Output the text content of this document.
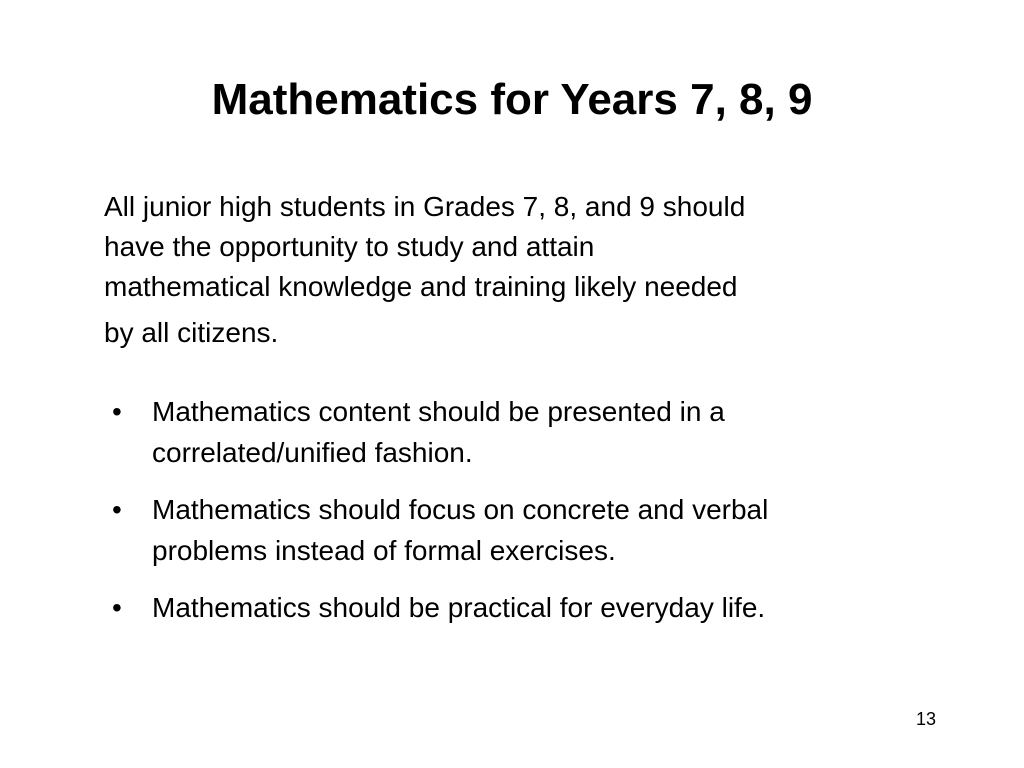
Mathematics for Years 7, 8, 9

All junior high students in Grades 7, 8, and 9 should
have the opportunity to study and attain
mathematical knowledge and training likely needed
by all citizens.

• Mathematics content should be presented in a
correlated/unified fashion.
• Mathematics should focus on concrete and verbal
problems instead of formal exercises.
• Mathematics should be practical for everyday life.
13
